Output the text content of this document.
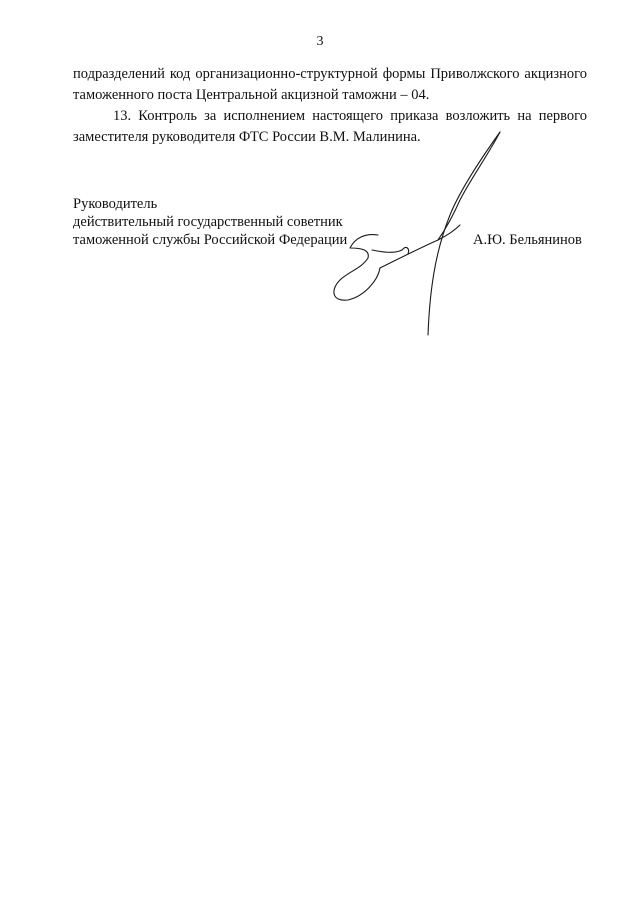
3

подразделений код организационно-структурной формы Приволжского акцизного таможенного поста Центральной акцизной таможни – 04.

13. Контроль за исполнением настоящего приказа возложить на первого заместителя руководителя ФТС России В.М. Малинина.

Руководитель
действительный государственный советник
таможенной службы Российской Федерации	А.Ю. Бельянинов
